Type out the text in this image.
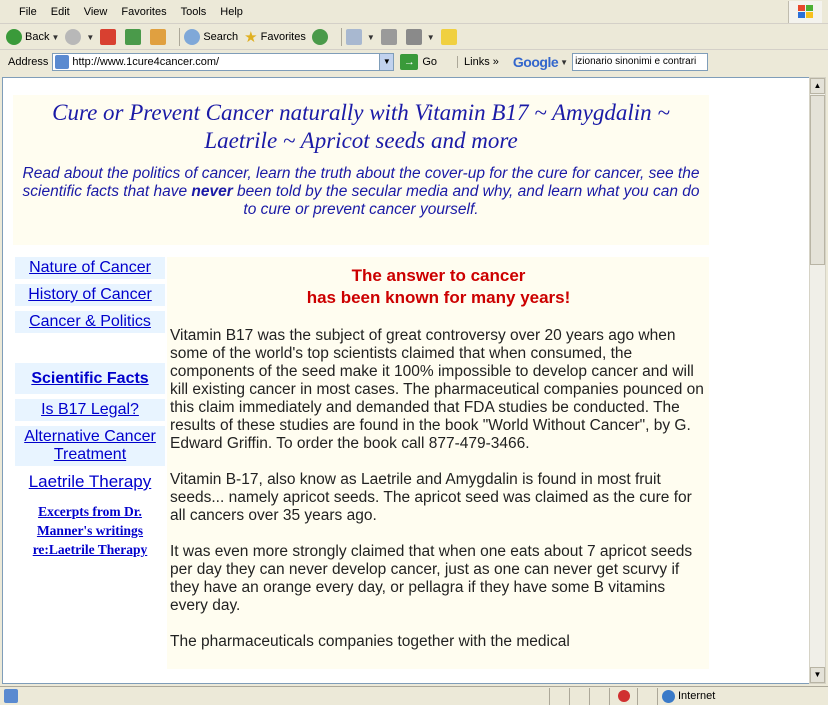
File	Edit	View	Favorites	Tools	Help
Back ▼	▼	Search ★ Favorites	▼	▼
Address http://www.1cure4cancer.com/	▼	→ Go	Links » Google ▼ izionario sinonimi e contrari
Cure or Prevent Cancer naturally with Vitamin B17 ~ Amygdalin ~ Laetrile ~ Apricot seeds and more
Read about the politics of cancer, learn the truth about the cover-up for the cure for cancer, see the scientific facts that have never been told by the secular media and why, and learn what you can do to cure or prevent cancer yourself.
Nature of Cancer
History of Cancer
Cancer & Politics
Scientific Facts
Is B17 Legal?
Alternative Cancer Treatment
Laetrile Therapy
Excerpts from Dr. Manner's writings re:Laetrile Therapy
The answer to cancer
has been known for many years!

Vitamin B17 was the subject of great controversy over 20 years ago when some of the world's top scientists claimed that when consumed, the components of the seed make it 100% impossible to develop cancer and will kill existing cancer in most cases. The pharmaceutical companies pounced on this claim immediately and demanded that FDA studies be conducted. The results of these studies are found in the book "World Without Cancer", by G. Edward Griffin. To order the book call 877-479-3466.

Vitamin B-17, also know as Laetrile and Amygdalin is found in most fruit seeds... namely apricot seeds. The apricot seed was claimed as the cure for all cancers over 35 years ago.

It was even more strongly claimed that when one eats about 7 apricot seeds per day they can never develop cancer, just as one can never get scurvy if they have an orange every day, or pellagra if they have some B vitamins every day.

The pharmaceuticals companies together with the medical

▲
▼
Internet
